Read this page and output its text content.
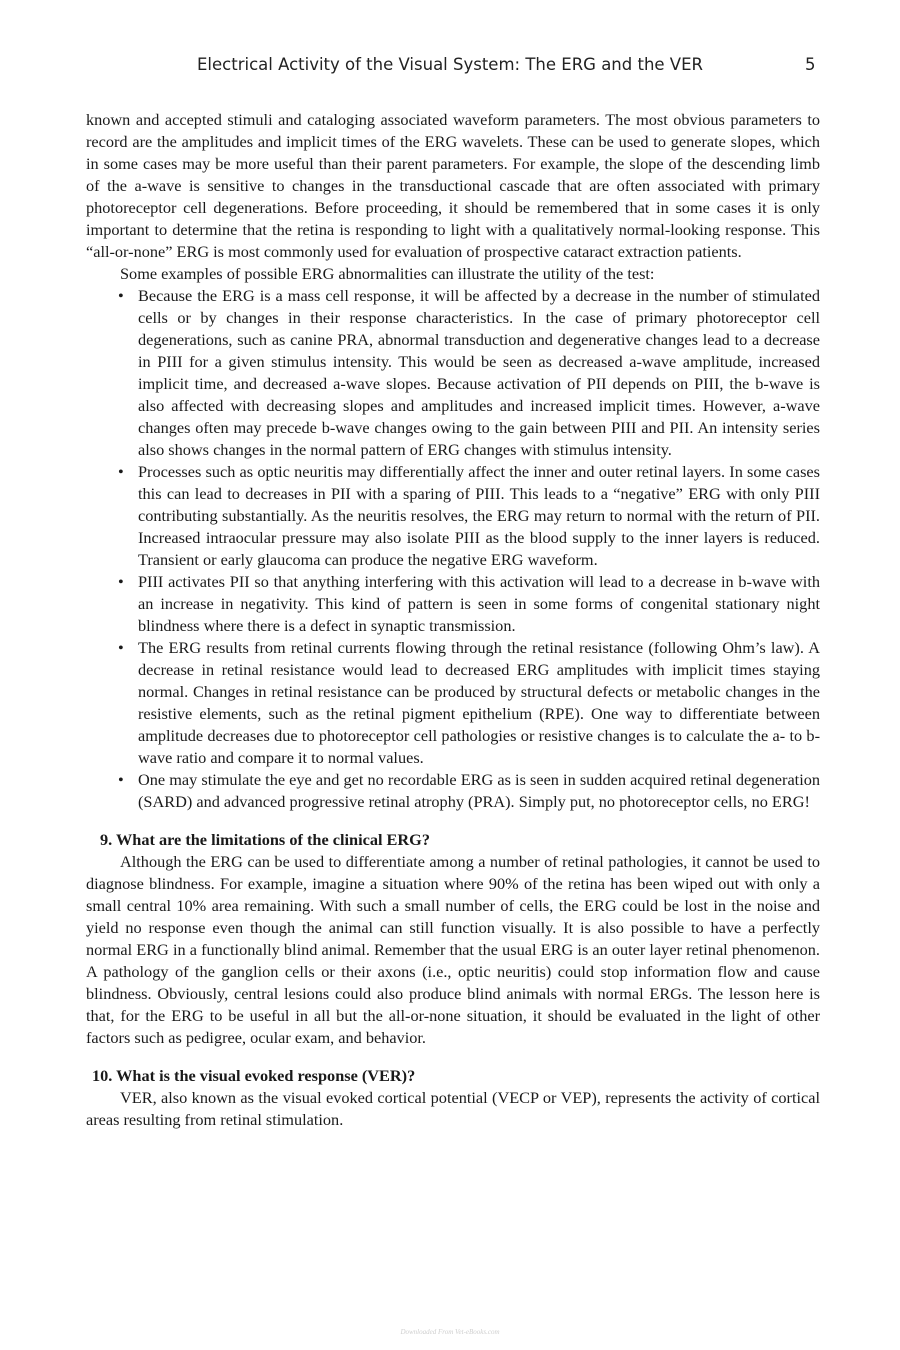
Electrical Activity of the Visual System: The ERG and the VER	5

known and accepted stimuli and cataloging associated waveform parameters. The most obvious parameters to record are the amplitudes and implicit times of the ERG wavelets. These can be used to generate slopes, which in some cases may be more useful than their parent parameters. For example, the slope of the descending limb of the a-wave is sensitive to changes in the transductional cascade that are often associated with primary photoreceptor cell degenerations. Before proceeding, it should be remembered that in some cases it is only important to determine that the retina is responding to light with a qualitatively normal-looking response. This “all-or-none” ERG is most commonly used for evaluation of prospective cataract extraction patients.

Some examples of possible ERG abnormalities can illustrate the utility of the test:

• Because the ERG is a mass cell response, it will be affected by a decrease in the number of stimulated cells or by changes in their response characteristics. In the case of primary photoreceptor cell degenerations, such as canine PRA, abnormal transduction and degenerative changes lead to a decrease in PIII for a given stimulus intensity. This would be seen as decreased a-wave amplitude, increased implicit time, and decreased a-wave slopes. Because activation of PII depends on PIII, the b-wave is also affected with decreasing slopes and amplitudes and increased implicit times. However, a-wave changes often may precede b-wave changes owing to the gain between PIII and PII. An intensity series also shows changes in the normal pattern of ERG changes with stimulus intensity.
• Processes such as optic neuritis may differentially affect the inner and outer retinal layers. In some cases this can lead to decreases in PII with a sparing of PIII. This leads to a “negative” ERG with only PIII contributing substantially. As the neuritis resolves, the ERG may return to normal with the return of PII. Increased intraocular pressure may also isolate PIII as the blood supply to the inner layers is reduced. Transient or early glaucoma can produce the negative ERG waveform.
• PIII activates PII so that anything interfering with this activation will lead to a decrease in b-wave with an increase in negativity. This kind of pattern is seen in some forms of congenital stationary night blindness where there is a defect in synaptic transmission.
• The ERG results from retinal currents flowing through the retinal resistance (following Ohm’s law). A decrease in retinal resistance would lead to decreased ERG amplitudes with implicit times staying normal. Changes in retinal resistance can be produced by structural defects or metabolic changes in the resistive elements, such as the retinal pigment epithelium (RPE). One way to differentiate between amplitude decreases due to photoreceptor cell pathologies or resistive changes is to calculate the a- to b-wave ratio and compare it to normal values.
• One may stimulate the eye and get no recordable ERG as is seen in sudden acquired retinal degeneration (SARD) and advanced progressive retinal atrophy (PRA). Simply put, no photoreceptor cells, no ERG!

9. What are the limitations of the clinical ERG?

Although the ERG can be used to differentiate among a number of retinal pathologies, it cannot be used to diagnose blindness. For example, imagine a situation where 90% of the retina has been wiped out with only a small central 10% area remaining. With such a small number of cells, the ERG could be lost in the noise and yield no response even though the animal can still function visually. It is also possible to have a perfectly normal ERG in a functionally blind animal. Remember that the usual ERG is an outer layer retinal phenomenon. A pathology of the ganglion cells or their axons (i.e., optic neuritis) could stop information flow and cause blindness. Obviously, central lesions could also produce blind animals with normal ERGs. The lesson here is that, for the ERG to be useful in all but the all-or-none situation, it should be evaluated in the light of other factors such as pedigree, ocular exam, and behavior.

10. What is the visual evoked response (VER)?

VER, also known as the visual evoked cortical potential (VECP or VEP), represents the activity of cortical areas resulting from retinal stimulation.

Downloaded From Vet-eBooks.com
